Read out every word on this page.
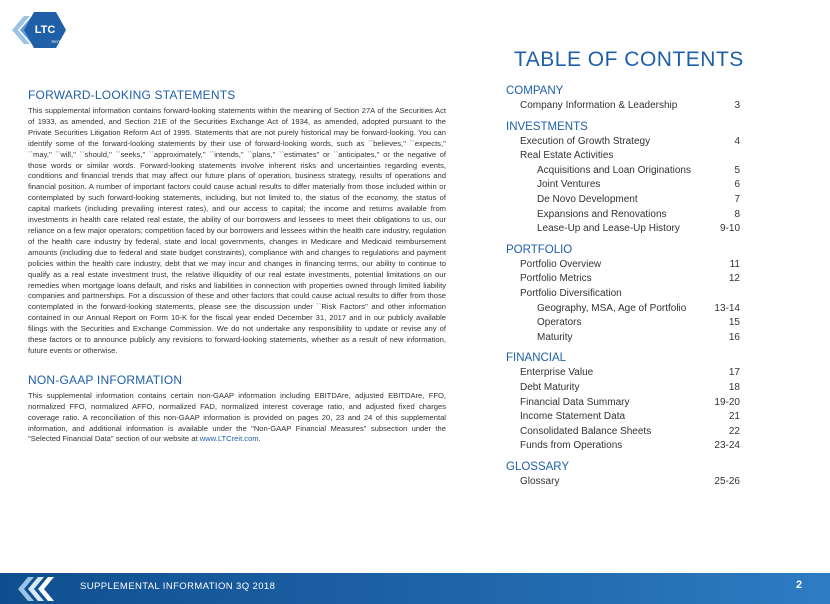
LTC
REIT
FORWARD-LOOKING STATEMENTS

This supplemental information contains forward-looking statements within the meaning of Section 27A of the Securities Act of 1933, as amended, and Section 21E of the Securities Exchange Act of 1934, as amended, adopted pursuant to the Private Securities Litigation Reform Act of 1995. Statements that are not purely historical may be forward-looking. You can identify some of the forward-looking statements by their use of forward-looking words, such as ``believes,'' ``expects,'' ``may,'' ``will,'' ``should,'' ``seeks,'' ``approximately,'' ``intends,'' ``plans,'' ``estimates'' or ``anticipates,'' or the negative of those words or similar words. Forward-looking statements involve inherent risks and uncertainties regarding events, conditions and financial trends that may affect our future plans of operation, business strategy, results of operations and financial position. A number of important factors could cause actual results to differ materially from those included within or contemplated by such forward-looking statements, including, but not limited to, the status of the economy, the status of capital markets (including prevailing interest rates), and our access to capital; the income and returns available from investments in health care related real estate, the ability of our borrowers and lessees to meet their obligations to us, our reliance on a few major operators; competition faced by our borrowers and lessees within the health care industry, regulation of the health care industry by federal, state and local governments, changes in Medicare and Medicaid reimbursement amounts (including due to federal and state budget constraints), compliance with and changes to regulations and payment policies within the health care industry, debt that we may incur and changes in financing terms, our ability to continue to qualify as a real estate investment trust, the relative illiquidity of our real estate investments, potential limitations on our remedies when mortgage loans default, and risks and liabilities in connection with properties owned through limited liability companies and partnerships. For a discussion of these and other factors that could cause actual results to differ from those contemplated in the forward-looking statements, please see the discussion under ``Risk Factors'' and other information contained in our Annual Report on Form 10-K for the fiscal year ended December 31, 2017 and in our publicly available filings with the Securities and Exchange Commission. We do not undertake any responsibility to update or revise any of these factors or to announce publicly any revisions to forward-looking statements, whether as a result of new information, future events or otherwise.

NON-GAAP INFORMATION

This supplemental information contains certain non-GAAP information including EBITDAre, adjusted EBITDAre, FFO, normalized FFO, normalized AFFO, normalized FAD, normalized interest coverage ratio, and adjusted fixed charges coverage ratio. A reconciliation of this non-GAAP information is provided on pages 20, 23 and 24 of this supplemental information, and additional information is available under the "Non-GAAP Financial Measures" subsection under the "Selected Financial Data" section of our website at www.LTCreit.com.

TABLE OF CONTENTS
COMPANY
Company Information & Leadership	3
INVESTMENTS
Execution of Growth Strategy	4
Real Estate Activities
Acquisitions and Loan Originations	5
Joint Ventures	6
De Novo Development	7
Expansions and Renovations	8
Lease-Up and Lease-Up History	9-10
PORTFOLIO
Portfolio Overview	11
Portfolio Metrics	12
Portfolio Diversification
Geography, MSA, Age of Portfolio	13-14
Operators	15
Maturity	16
FINANCIAL
Enterprise Value	17
Debt Maturity	18
Financial Data Summary	19-20
Income Statement Data	21
Consolidated Balance Sheets	22
Funds from Operations	23-24
GLOSSARY
Glossary	25-26
SUPPLEMENTAL INFORMATION 3Q 2018	2
